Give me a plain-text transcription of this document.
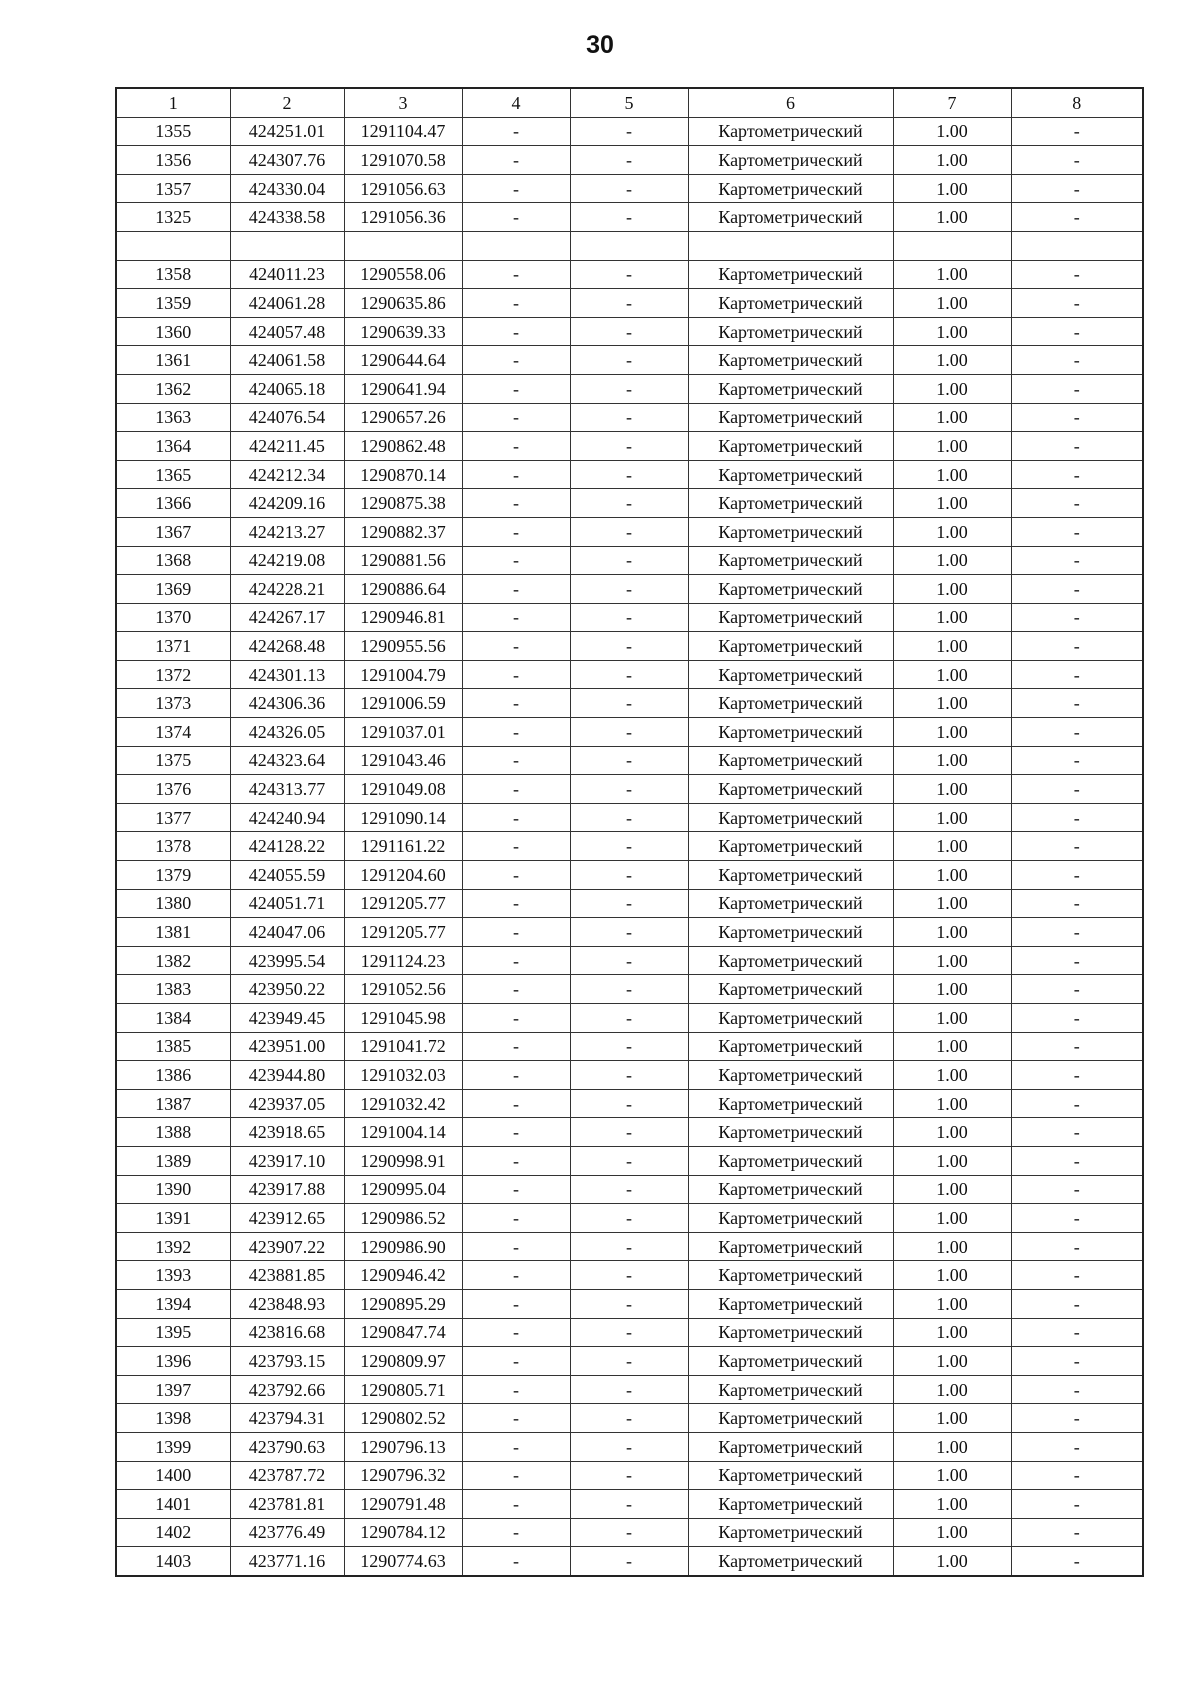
30
1	2	3	4	5	6	7	8
1355	424251.01	1291104.47	-	-	Картометрический	1.00	-
1356	424307.76	1291070.58	-	-	Картометрический	1.00	-
1357	424330.04	1291056.63	-	-	Картометрический	1.00	-
1325	424338.58	1291056.36	-	-	Картометрический	1.00	-

1358	424011.23	1290558.06	-	-	Картометрический	1.00	-
1359	424061.28	1290635.86	-	-	Картометрический	1.00	-
1360	424057.48	1290639.33	-	-	Картометрический	1.00	-
1361	424061.58	1290644.64	-	-	Картометрический	1.00	-
1362	424065.18	1290641.94	-	-	Картометрический	1.00	-
1363	424076.54	1290657.26	-	-	Картометрический	1.00	-
1364	424211.45	1290862.48	-	-	Картометрический	1.00	-
1365	424212.34	1290870.14	-	-	Картометрический	1.00	-
1366	424209.16	1290875.38	-	-	Картометрический	1.00	-
1367	424213.27	1290882.37	-	-	Картометрический	1.00	-
1368	424219.08	1290881.56	-	-	Картометрический	1.00	-
1369	424228.21	1290886.64	-	-	Картометрический	1.00	-
1370	424267.17	1290946.81	-	-	Картометрический	1.00	-
1371	424268.48	1290955.56	-	-	Картометрический	1.00	-
1372	424301.13	1291004.79	-	-	Картометрический	1.00	-
1373	424306.36	1291006.59	-	-	Картометрический	1.00	-
1374	424326.05	1291037.01	-	-	Картометрический	1.00	-
1375	424323.64	1291043.46	-	-	Картометрический	1.00	-
1376	424313.77	1291049.08	-	-	Картометрический	1.00	-
1377	424240.94	1291090.14	-	-	Картометрический	1.00	-
1378	424128.22	1291161.22	-	-	Картометрический	1.00	-
1379	424055.59	1291204.60	-	-	Картометрический	1.00	-
1380	424051.71	1291205.77	-	-	Картометрический	1.00	-
1381	424047.06	1291205.77	-	-	Картометрический	1.00	-
1382	423995.54	1291124.23	-	-	Картометрический	1.00	-
1383	423950.22	1291052.56	-	-	Картометрический	1.00	-
1384	423949.45	1291045.98	-	-	Картометрический	1.00	-
1385	423951.00	1291041.72	-	-	Картометрический	1.00	-
1386	423944.80	1291032.03	-	-	Картометрический	1.00	-
1387	423937.05	1291032.42	-	-	Картометрический	1.00	-
1388	423918.65	1291004.14	-	-	Картометрический	1.00	-
1389	423917.10	1290998.91	-	-	Картометрический	1.00	-
1390	423917.88	1290995.04	-	-	Картометрический	1.00	-
1391	423912.65	1290986.52	-	-	Картометрический	1.00	-
1392	423907.22	1290986.90	-	-	Картометрический	1.00	-
1393	423881.85	1290946.42	-	-	Картометрический	1.00	-
1394	423848.93	1290895.29	-	-	Картометрический	1.00	-
1395	423816.68	1290847.74	-	-	Картометрический	1.00	-
1396	423793.15	1290809.97	-	-	Картометрический	1.00	-
1397	423792.66	1290805.71	-	-	Картометрический	1.00	-
1398	423794.31	1290802.52	-	-	Картометрический	1.00	-
1399	423790.63	1290796.13	-	-	Картометрический	1.00	-
1400	423787.72	1290796.32	-	-	Картометрический	1.00	-
1401	423781.81	1290791.48	-	-	Картометрический	1.00	-
1402	423776.49	1290784.12	-	-	Картометрический	1.00	-
1403	423771.16	1290774.63	-	-	Картометрический	1.00	-
